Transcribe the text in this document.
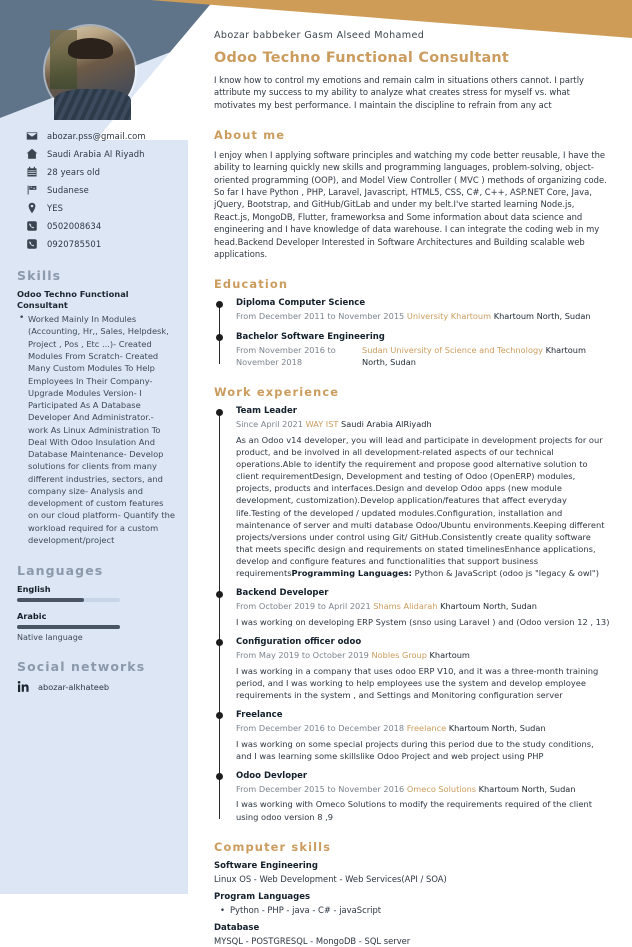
abozar.pss@gmail.com
Saudi Arabia Al Riyadh
28 years old
Sudanese
YES
0502008634
0920785501
Skills
Odoo Techno Functional Consultant
• Worked Mainly In Modules (Accounting, Hr,, Sales, Helpdesk, Project , Pos , Etc ...)- Created Modules From Scratch- Created Many Custom Modules To Help Employees In Their Company- Upgrade Modules Version- I Participated As A Database Developer And Administrator.- work As Linux Administration To Deal With Odoo Insulation And Database Maintenance- Develop solutions for clients from many different industries, sectors, and company size- Analysis and development of custom features on our cloud platform- Quantify the workload required for a custom development/project
Languages
English
Arabic
Native language
Social networks
abozar-alkhateeb
Abozar babbeker Gasm Alseed Mohamed
Odoo Techno Functional Consultant
I know how to control my emotions and remain calm in situations others cannot. I partly attribute my success to my ability to analyze what creates stress for myself vs. what motivates my best performance. I maintain the discipline to refrain from any act
About me
I enjoy when I applying software principles and watching my code better reusable, I have the ability to learning quickly new skills and programming languages, problem-solving, object-oriented programming (OOP), and Model View Controller ( MVC ) methods of organizing code. So far I have Python , PHP, Laravel, Javascript, HTML5, CSS, C#, C++, ASP.NET Core, Java, jQuery, Bootstrap, and GitHub/GitLab and under my belt.I've started learning Node.js, React.js, MongoDB, Flutter, frameworksa and Some information about data science and engineering and I have knowledge of data warehouse. I can integrate the coding web in my head.Backend Developer Interested in Software Architectures and Building scalable web applications.
Education
Diploma Computer Science
From December 2011 to November 2015 University Khartoum Khartoum North, Sudan
Bachelor Software Engineering
From November 2016 to November 2018
Sudan University of Science and Technology Khartoum North, Sudan
Work experience
Team Leader
Since April 2021 WAY IST Saudi Arabia AlRiyadh
As an Odoo v14 developer, you will lead and participate in development projects for our product, and be involved in all development-related aspects of our technical operations.Able to identify the requirement and propose good alternative solution to client requirementDesign, Development and testing of Odoo (OpenERP) modules, projects, products and interfaces.Design and develop Odoo apps (new module development, customization).Develop application/features that affect everyday life.Testing of the developed / updated modules.Configuration, installation and maintenance of server and multi database Odoo/Ubuntu environments.Keeping different projects/versions under control using Git/ GitHub.Consistently create quality software that meets specific design and requirements on stated timelinesEnhance applications, develop and configure features and functionalities that support business requirementsProgramming Languages: Python & JavaScript (odoo js "legacy & owl")
Backend Developer
From October 2019 to April 2021 Shams Alidarah Khartoum North, Sudan
I was working on developing ERP System (snso using Laravel ) and (Odoo version 12 , 13)
Configuration officer odoo
From May 2019 to October 2019 Nobles Group Khartoum
I was working in a company that uses odoo ERP V10, and it was a three-month training period, and I was working to help employees use the system and develop employee requirements in the system , and Settings and Monitoring configuration server
Freelance
From December 2016 to December 2018 Freelance Khartoum North, Sudan
I was working on some special projects during this period due to the study conditions, and I was learning some skillslike Odoo Project and web project using PHP
Odoo Devloper
From December 2015 to November 2016 Omeco Solutions Khartoum North, Sudan
I was working with Omeco Solutions to modify the requirements required of the client using odoo version 8 ,9
Computer skills
Software Engineering
Linux OS - Web Development - Web Services(API / SOA)
Program Languages
• Python - PHP - java - C# - javaScript
Database
MYSQL - POSTGRESQL - MongoDB - SQL server
